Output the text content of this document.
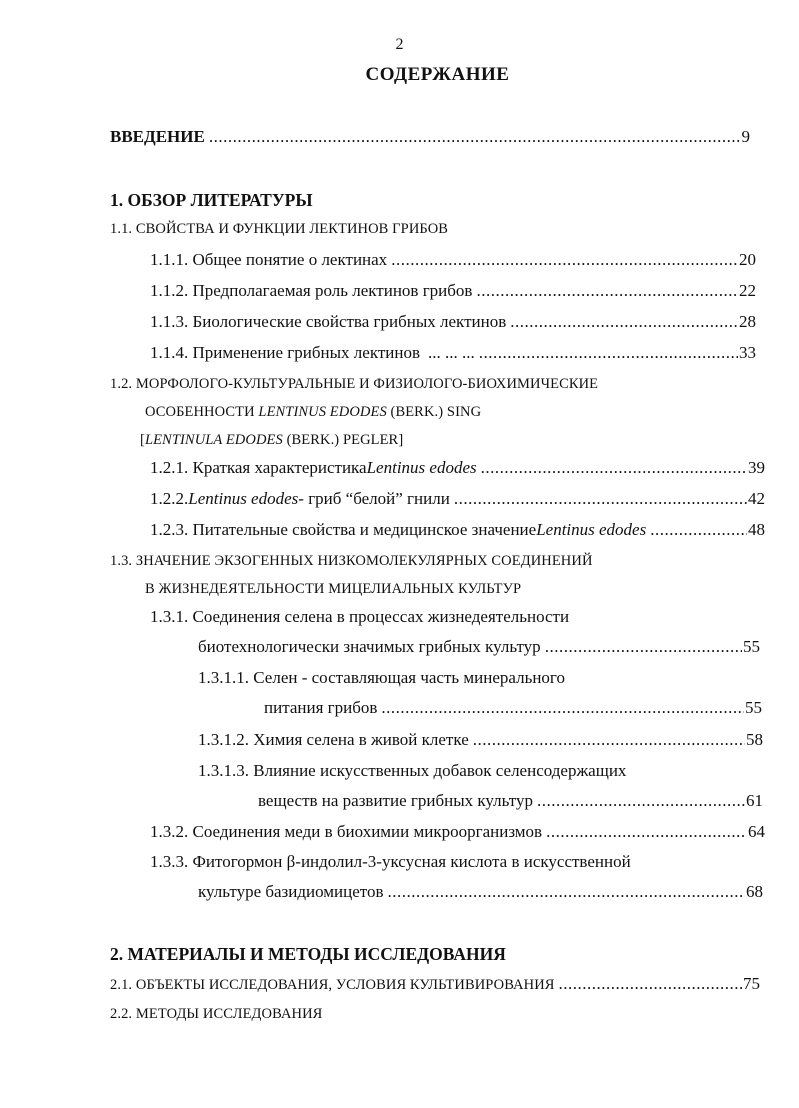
2
СОДЕРЖАНИЕ
ВВЕДЕНИЕ .....	9
1. ОБЗОР ЛИТЕРАТУРЫ
1.1. СВОЙСТВА И ФУНКЦИИ ЛЕКТИНОВ ГРИБОВ
1.1.1. Общее понятие о лектинах .....	20
1.1.2. Предполагаемая роль лектинов грибов .....	22
1.1.3. Биологические свойства грибных лектинов .....	28
1.1.4. Применение грибных лектинов ... ... ... .....	33
1.2. МОРФОЛОГО-КУЛЬТУРАЛЬНЫЕ И ФИЗИОЛОГО-БИОХИМИЧЕСКИЕ
ОСОБЕННОСТИ LENTINUS EDODES (BERK.) SING
[LENTINULA EDODES (BERK.) PEGLER]
1.2.1. Краткая характеристика Lentinus edodes .....	39
1.2.2. Lentinus edodes - гриб “белой” гнили .....	42
1.2.3. Питательные свойства и медицинское значение Lentinus edodes .....	48
1.3. ЗНАЧЕНИЕ ЭКЗОГЕННЫХ НИЗКОМОЛЕКУЛЯРНЫХ СОЕДИНЕНИЙ
В ЖИЗНЕДЕЯТЕЛЬНОСТИ МИЦЕЛИАЛЬНЫХ КУЛЬТУР
1.3.1. Соединения селена в процессах жизнедеятельности
биотехнологически значимых грибных культур .....	55
1.3.1.1. Селен - составляющая часть минерального
питания грибов .....	55
1.3.1.2. Химия селена в живой клетке .....	58
1.3.1.3. Влияние искусственных добавок селенсодержащих
веществ на развитие грибных культур .....	61
1.3.2. Соединения меди в биохимии микроорганизмов .....	64
1.3.3. Фитогормон β-индолил-3-уксусная кислота в искусственной
культуре базидиомицетов .....	68
2. МАТЕРИАЛЫ И МЕТОДЫ ИССЛЕДОВАНИЯ
2.1. ОБЪЕКТЫ ИССЛЕДОВАНИЯ, УСЛОВИЯ КУЛЬТИВИРОВАНИЯ .....	75
2.2. МЕТОДЫ ИССЛЕДОВАНИЯ
